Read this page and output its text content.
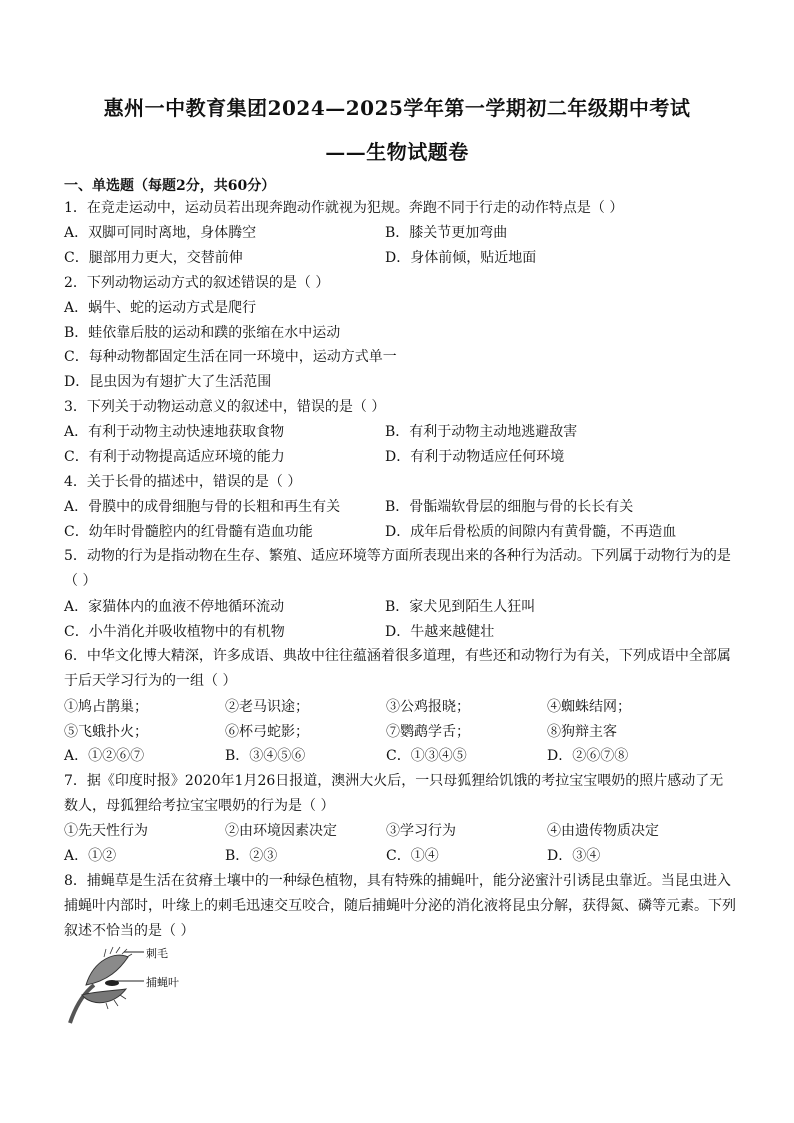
惠州一中教育集团2024—2025学年第一学期初二年级期中考试
——生物试题卷
一、单选题（每题2分，共60分）
1．在竞走运动中，运动员若出现奔跑动作就视为犯规。奔跑不同于行走的动作特点是（ ）
A．双脚可同时离地，身体腾空	B．膝关节更加弯曲
C．腿部用力更大，交替前伸	D．身体前倾，贴近地面
2．下列动物运动方式的叙述错误的是（ ）
A．蜗牛、蛇的运动方式是爬行
B．蛙依靠后肢的运动和蹼的张缩在水中运动
C．每种动物都固定生活在同一环境中，运动方式单一
D．昆虫因为有翅扩大了生活范围
3．下列关于动物运动意义的叙述中，错误的是（ ）
A．有利于动物主动快速地获取食物	B．有利于动物主动地逃避敌害
C．有利于动物提高适应环境的能力	D．有利于动物适应任何环境
4．关于长骨的描述中，错误的是（ ）
A．骨膜中的成骨细胞与骨的长粗和再生有关	B．骨骺端软骨层的细胞与骨的长长有关
C．幼年时骨髓腔内的红骨髓有造血功能	D．成年后骨松质的间隙内有黄骨髓，不再造血
5．动物的行为是指动物在生存、繁殖、适应环境等方面所表现出来的各种行为活动。下列属于动物行为的是（ ）
A．家猫体内的血液不停地循环流动	B．家犬见到陌生人狂叫
C．小牛消化并吸收植物中的有机物	D．牛越来越健壮
6．中华文化博大精深，许多成语、典故中往往蕴涵着很多道理，有些还和动物行为有关，下列成语中全部属于后天学习行为的一组（ ）
①鸠占鹊巢；	②老马识途；	③公鸡报晓；	④蜘蛛结网；
⑤飞蛾扑火；	⑥杯弓蛇影；	⑦鹦鹉学舌；	⑧狗辩主客
A．①②⑥⑦	B．③④⑤⑥	C．①③④⑤	D．②⑥⑦⑧
7．据《印度时报》2020年1月26日报道，澳洲大火后，一只母狐狸给饥饿的考拉宝宝喂奶的照片感动了无数人，母狐狸给考拉宝宝喂奶的行为是（ ）
①先天性行为	②由环境因素决定	③学习行为	④由遗传物质决定
A．①②	B．②③	C．①④	D．③④
8．捕蝇草是生活在贫瘠土壤中的一种绿色植物，具有特殊的捕蝇叶，能分泌蜜汁引诱昆虫靠近。当昆虫进入捕蝇叶内部时，叶缘上的刺毛迅速交互咬合，随后捕蝇叶分泌的消化液将昆虫分解，获得氮、磷等元素。下列叙述不恰当的是（ ）
刺毛
捕蝇叶
